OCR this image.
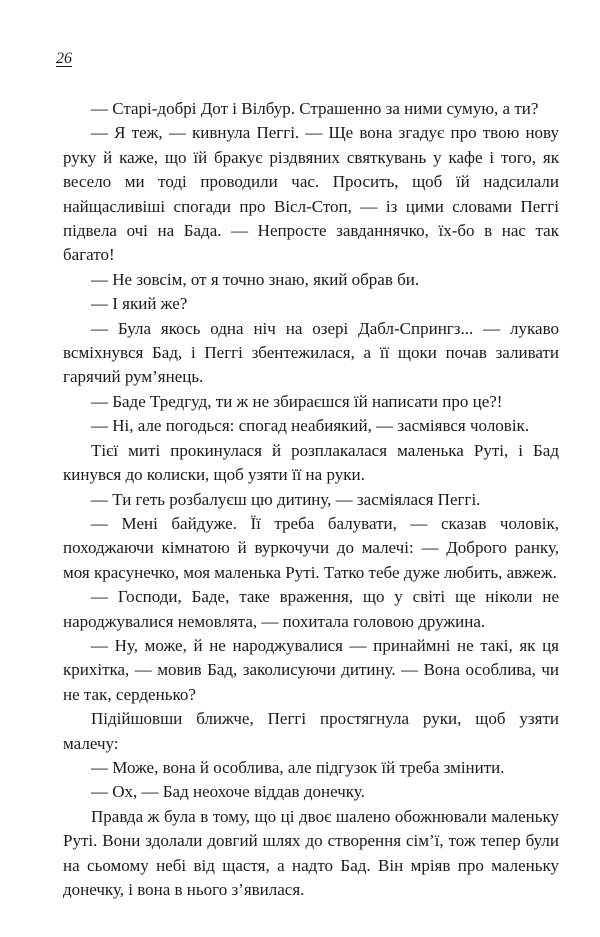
26

— Старі-добрі Дот і Вілбур. Страшенно за ними сумую, а ти?

— Я теж, — кивнула Пеггі. — Ще вона згадує про твою нову руку й каже, що їй бракує різдвяних святкувань у кафе і того, як весело ми тоді проводили час. Просить, щоб їй надсилали найщасливіші спогади про Вісл-Стоп, — із цими словами Пеггі підвела очі на Бада. — Непросте завданнячко, їх-бо в нас так багато!

— Не зовсім, от я точно знаю, який обрав би.

— І який же?

— Була якось одна ніч на озері Дабл-Спрингз... — лукаво всміхнувся Бад, і Пеггі збентежилася, а її щоки почав заливати гарячий рум’янець.

— Баде Тредгуд, ти ж не збираєшся їй написати про це?!

— Ні, але погодься: спогад неабиякий, — засміявся чоловік.

Тієї миті прокинулася й розплакалася маленька Руті, і Бад кинувся до колиски, щоб узяти її на руки.

— Ти геть розбалуєш цю дитину, — засміялася Пеггі.

— Мені байдуже. Її треба балувати, — сказав чоловік, походжаючи кімнатою й вуркочучи до малечі: — Доброго ранку, моя красунечко, моя маленька Руті. Татко тебе дуже любить, авжеж.

— Господи, Баде, таке враження, що у світі ще ніколи не народжувалися немовлята, — похитала головою дружина.

— Ну, може, й не народжувалися — принаймні не такі, як ця крихітка, — мовив Бад, заколисуючи дитину. — Вона особлива, чи не так, серденько?

Підійшовши ближче, Пеггі простягнула руки, щоб узяти малечу:

— Може, вона й особлива, але підгузок їй треба змінити.

— Ох, — Бад неохоче віддав донечку.

Правда ж була в тому, що ці двоє шалено обожнювали маленьку Руті. Вони здолали довгий шлях до створення сім’ї, тож тепер були на сьомому небі від щастя, а надто Бад. Він мріяв про маленьку донечку, і вона в нього з’явилася.
